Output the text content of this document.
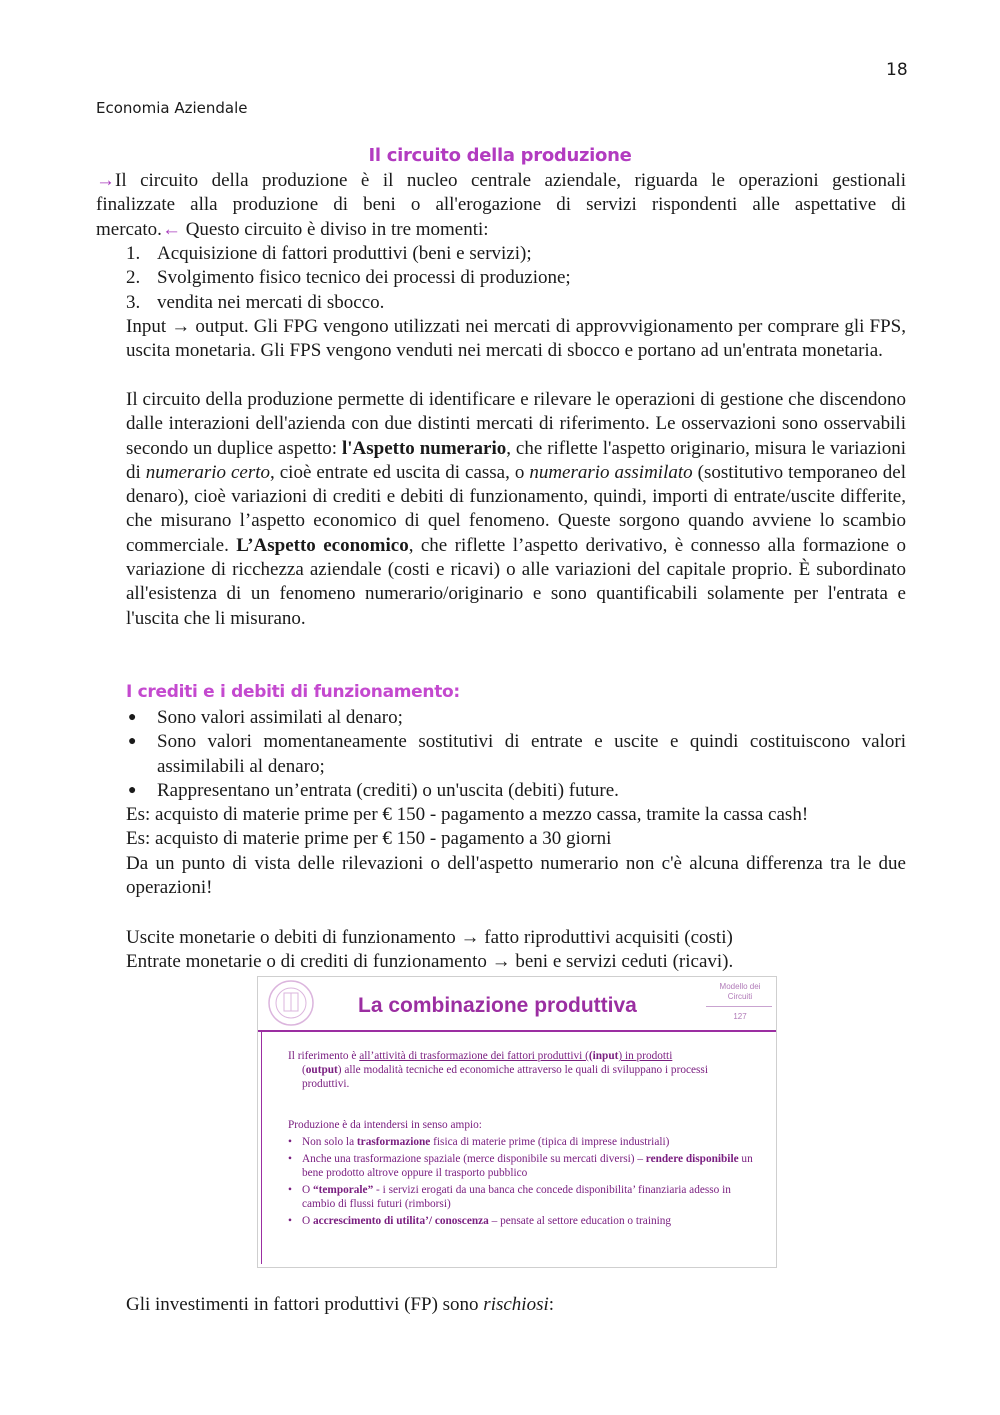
18
Economia Aziendale
Il circuito della produzione
→Il circuito della produzione è il nucleo centrale aziendale, riguarda le operazioni gestionali
finalizzate alla produzione di beni o all'erogazione di servizi rispondenti alle aspettative di
mercato.← Questo circuito è diviso in tre momenti:
1. Acquisizione di fattori produttivi (beni e servizi);
2. Svolgimento fisico tecnico dei processi di produzione;
3. vendita nei mercati di sbocco.
Input → output. Gli FPG vengono utilizzati nei mercati di approvvigionamento per comprare gli FPS, uscita monetaria. Gli FPS vengono venduti nei mercati di sbocco e portano ad un'entrata monetaria.
Il circuito della produzione permette di identificare e rilevare le operazioni di gestione che discendono dalle interazioni dell'azienda con due distinti mercati di riferimento. Le osservazioni sono osservabili secondo un duplice aspetto: l'Aspetto numerario, che riflette l'aspetto originario, misura le variazioni di numerario certo, cioè entrate ed uscita di cassa, o numerario assimilato (sostitutivo temporaneo del denaro), cioè variazioni di crediti e debiti di funzionamento, quindi, importi di entrate/uscite differite, che misurano l’aspetto economico di quel fenomeno. Queste sorgono quando avviene lo scambio commerciale. L’Aspetto economico, che riflette l’aspetto derivativo, è connesso alla formazione o variazione di ricchezza aziendale (costi e ricavi) o alle variazioni del capitale proprio. È subordinato all'esistenza di un fenomeno numerario/originario e sono quantificabili solamente per l'entrata e l'uscita che li misurano.
I crediti e i debiti di funzionamento:
● Sono valori assimilati al denaro;
● Sono valori momentaneamente sostitutivi di entrate e uscite e quindi costituiscono valori assimilabili al denaro;
● Rappresentano un’entrata (crediti) o un'uscita (debiti) future.
Es: acquisto di materie prime per € 150 - pagamento a mezzo cassa, tramite la cassa cash!
Es: acquisto di materie prime per € 150 - pagamento a 30 giorni
Da un punto di vista delle rilevazioni o dell'aspetto numerario non c'è alcuna differenza tra le due operazioni!
Uscite monetarie o debiti di funzionamento → fatto riproduttivi acquisiti (costi)
Entrate monetarie o di crediti di funzionamento → beni e servizi ceduti (ricavi).
La combinazione produttiva
Modello dei Circuiti
127
Il riferimento è all’attività di trasformazione dei fattori produttivi ((input) in prodotti
(output) alle modalità tecniche ed economiche attraverso le quali di sviluppano i processi produttivi.
Produzione è da intendersi in senso ampio:
• Non solo la trasformazione fisica di materie prime (tipica di imprese industriali)
• Anche una trasformazione spaziale (merce disponibile su mercati diversi) – rendere disponibile un bene prodotto altrove oppure il trasporto pubblico
• O “temporale” - i servizi erogati da una banca che concede disponibilita’ finanziaria adesso in cambio di flussi futuri (rimborsi)
• O accrescimento di utilita’/ conoscenza – pensate al settore education o training
Gli investimenti in fattori produttivi (FP) sono rischiosi:
